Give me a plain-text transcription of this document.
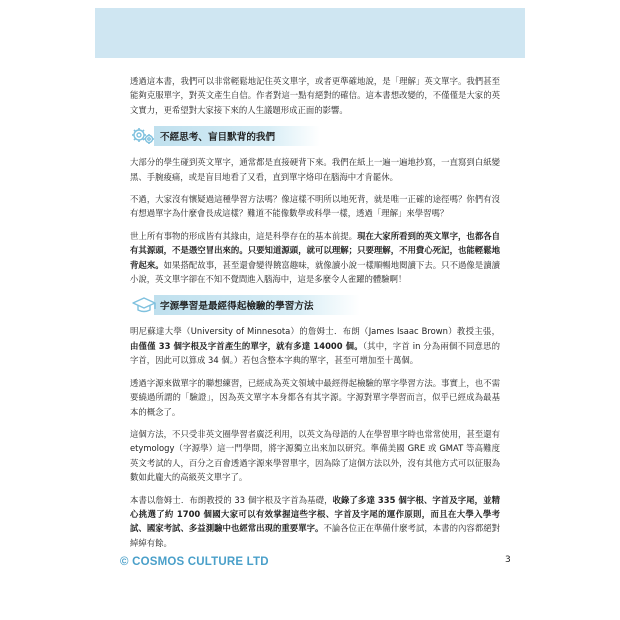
透過這本書，我們可以非常輕鬆地記住英文單字，或者更準確地說，是「理解」英文單字。我們甚至能夠克服單字，對英文產生自信。作者對這一點有絕對的確信。這本書想改變的，不僅僅是大家的英文實力，更希望對大家接下來的人生議題形成正面的影響。

不經思考、盲目默背的我們

大部分的學生碰到英文單字，通常都是直接硬背下來。我們在紙上一遍一遍地抄寫，一直寫到白紙變黑、手腕痠痛，或是盲目地看了又看，直到單字烙印在腦海中才肯罷休。

不過，大家沒有懷疑過這種學習方法嗎？像這樣不明所以地死背，就是唯一正確的途徑嗎？你們有沒有想過單字為什麼會長成這樣？難道不能像數學或科學一樣，透過「理解」來學習嗎？

世上所有事物的形成皆有其緣由，這是科學存在的基本前提。現在大家所看到的英文單字，也都各自有其源頭，不是憑空冒出來的。只要知道源頭，就可以理解；只要理解，不用費心死記，也能輕鬆地背起來。如果搭配故事，甚至還會變得饒富趣味，就像讀小說一樣順暢地閱讀下去。只不過像是讀讀小說，英文單字卻在不知不覺間進入腦海中，這是多麼令人雀躍的體驗啊！

字源學習是最經得起檢驗的學習方法

明尼蘇達大學（University of Minnesota）的詹姆士．布朗（James Isaac Brown）教授主張，由僅僅 33 個字根及字首產生的單字，就有多達 14000 個。（其中，字首 in 分為兩個不同意思的字首，因此可以算成 34 個。）若包含整本字典的單字，甚至可增加至十萬個。

透過字源來做單字的聯想練習，已經成為英文領域中最經得起檢驗的單字學習方法。事實上，也不需要繞過所謂的「驗證」，因為英文單字本身都各有其字源。字源對單字學習而言，似乎已經成為最基本的概念了。

這個方法，不只受非英文圈學習者廣泛利用，以英文為母語的人在學習單字時也常常使用，甚至還有 etymology（字源學）這一門學問，將字源獨立出來加以研究。準備美國 GRE 或 GMAT 等高難度英文考試的人，百分之百會透過字源來學習單字，因為除了這個方法以外，沒有其他方式可以征服為數如此龐大的高級英文單字了。

本書以詹姆士．布朗教授的 33 個字根及字首為基礎，收錄了多達 335 個字根、字首及字尾，並精心挑選了約 1700 個國大家可以有效掌握這些字根、字首及字尾的運作原則，而且在大學入學考試、國家考試、多益測驗中也經常出現的重要單字。不論各位正在準備什麼考試，本書的內容都絕對綽綽有餘。

© COSMOS CULTURE LTD	3
